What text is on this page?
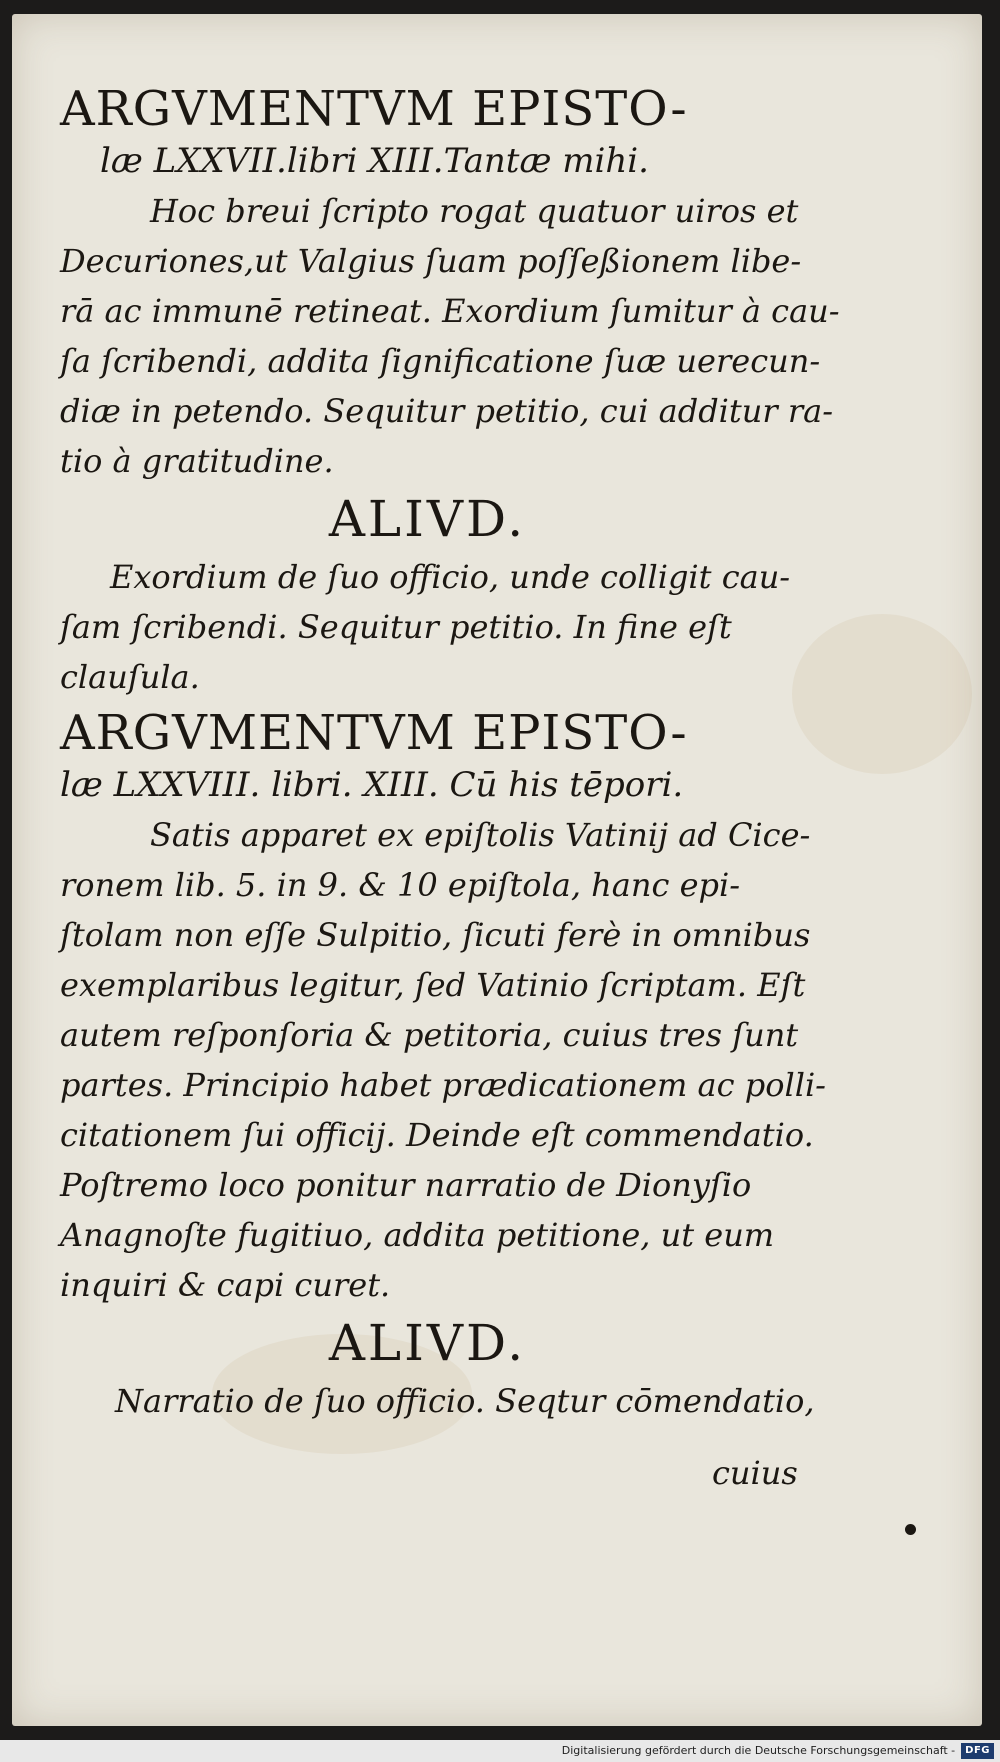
ARGVMENTVM EPISTO-
læ LXXVII.libri XIII.Tantæ mihi.

Hoc breui ſcripto rogat quatuor uiros et
Decuriones,ut Valgius ſuam poſſeßionem libe-
rā ac immunē retineat. Exordium ſumitur à cau-
ſa ſcribendi, addita ſignificatione ſuæ uerecun-
diæ in petendo. Sequitur petitio, cui additur ra-
tio à gratitudine.

ALIVD.

Exordium de ſuo officio, unde colligit cau-
ſam ſcribendi. Sequitur petitio. In fine eſt
clauſula.

ARGVMENTVM EPISTO-
læ LXXVIII. libri. XIII. Cū his tēpori.

Satis apparet ex epiſtolis Vatinij ad Cice-
ronem lib. 5. in 9. & 10 epiſtola, hanc epi-
ſtolam non eſſe Sulpitio, ſicuti ferè in omnibus
exemplaribus legitur, ſed Vatinio ſcriptam. Eſt
autem reſponſoria & petitoria, cuius tres ſunt
partes. Principio habet prædicationem ac polli-
citationem ſui officij. Deinde eſt commendatio.
Poſtremo loco ponitur narratio de Dionyſio
Anagnoſte fugitiuo, addita petitione, ut eum
inquiri & capi curet.

ALIVD.

Narratio de ſuo officio. Seqtur cōmendatio,

cuius
Digitalisierung gefördert durch die Deutsche Forschungsgemeinschaft - DFG
